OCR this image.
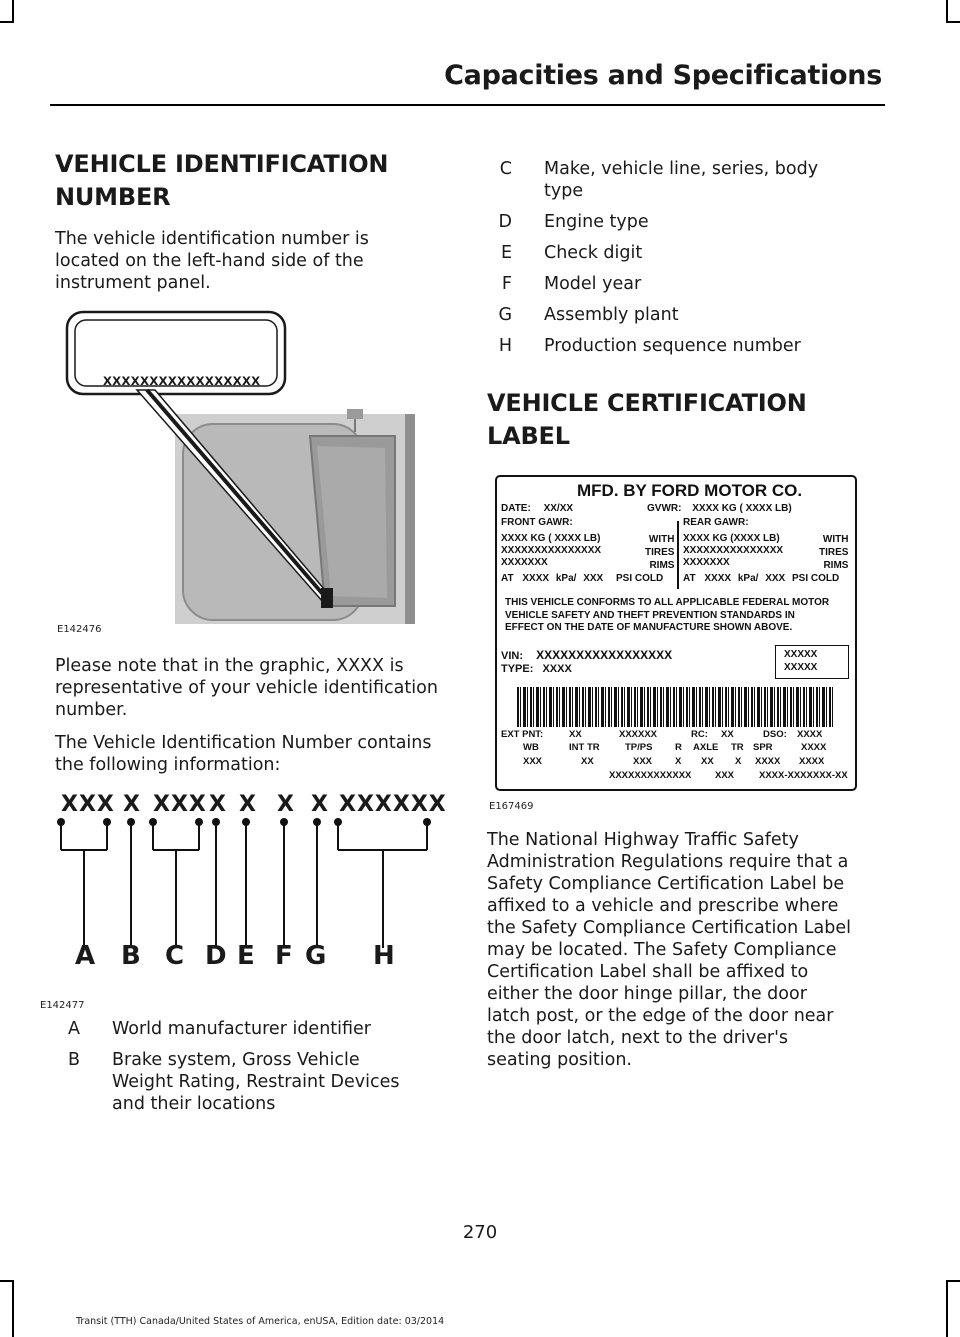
Capacities and Specifications
VEHICLE IDENTIFICATION
NUMBER

The vehicle identification number is located on the left-hand side of the instrument panel.

E142476
XXXXXXXXXXXXXXXXX

Please note that in the graphic, XXXX is representative of your vehicle identification number.

The Vehicle Identification Number contains the following information:

XXX X XXX X X X X XXXXXX
A B C D E F G H
E142477
A	World manufacturer identifier
B	Brake system, Gross Vehicle Weight Rating, Restraint Devices and their locations
C	Make, vehicle line, series, body type
D	Engine type
E	Check digit
F	Model year
G	Assembly plant
H	Production sequence number
VEHICLE CERTIFICATION
LABEL
MFD. BY FORD MOTOR CO.
DATE: XX/XX	GVWR: XXXX KG ( XXXX LB)
FRONT GAWR:
XXXX KG ( XXXX LB)
XXXXXXXXXXXXXXX
XXXXXXX
AT XXXX kPa/ XXX PSI COLD
WITH
TIRES
RIMS
REAR GAWR:
XXXX KG (XXXX LB)
XXXXXXXXXXXXXXX
XXXXXXX
AT XXXX kPa/ XXX PSI COLD
WITH
TIRES
RIMS
THIS VEHICLE CONFORMS TO ALL APPLICABLE FEDERAL MOTOR
VEHICLE SAFETY AND THEFT PREVENTION STANDARDS IN
EFFECT ON THE DATE OF MANUFACTURE SHOWN ABOVE.
VIN: XXXXXXXXXXXXXXXXX
TYPE: XXXX
XXXXX
XXXXX
EXT PNT:	XX	XXXXXX	RC: XX	DSO: XXXX
WB	INT TR	TP/PS R AXLE TR SPR	XXXX
XXX	XX	XXX X XX X XXXX XXXX
XXXXXXXXXXXXX XXX	XXXX-XXXXXXX-XX
E167469

The National Highway Traffic Safety Administration Regulations require that a Safety Compliance Certification Label be affixed to a vehicle and prescribe where the Safety Compliance Certification Label may be located. The Safety Compliance Certification Label shall be affixed to either the door hinge pillar, the door latch post, or the edge of the door near the door latch, next to the driver's seating position.

270
Transit (TTH) Canada/United States of America, enUSA, Edition date: 03/2014
